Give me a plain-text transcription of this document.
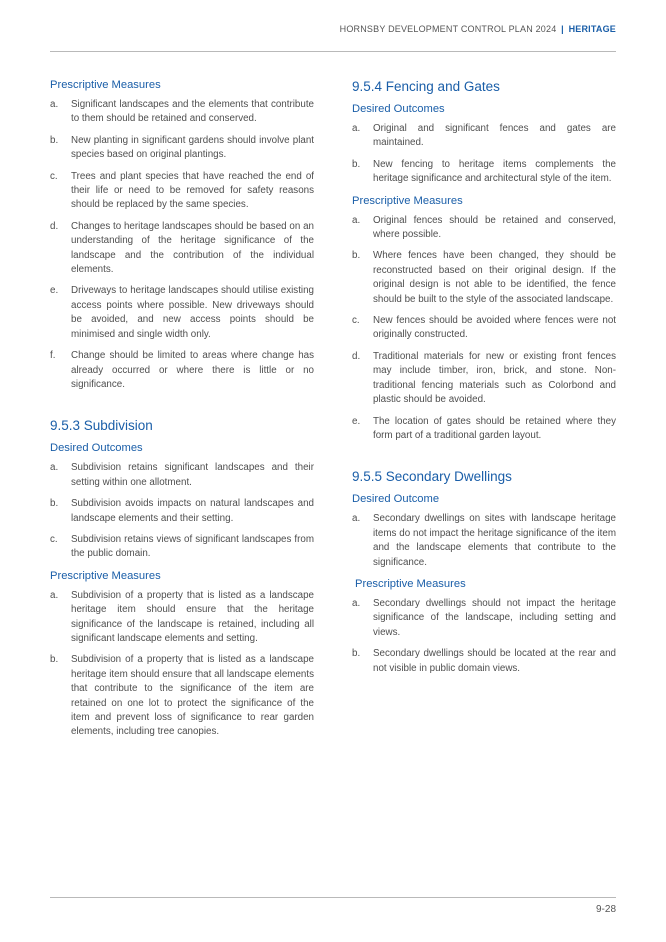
HORNSBY DEVELOPMENT CONTROL PLAN 2024 | HERITAGE
Prescriptive Measures
a. Significant landscapes and the elements that contribute to them should be retained and conserved.
b. New planting in significant gardens should involve plant species based on original plantings.
c. Trees and plant species that have reached the end of their life or need to be removed for safety reasons should be replaced by the same species.
d. Changes to heritage landscapes should be based on an understanding of the heritage significance of the landscape and the contribution of the individual elements.
e. Driveways to heritage landscapes should utilise existing access points where possible. New driveways should be avoided, and new access points should be minimised and single width only.
f. Change should be limited to areas where change has already occurred or where there is little or no significance.
9.5.3 Subdivision
Desired Outcomes
a. Subdivision retains significant landscapes and their setting within one allotment.
b. Subdivision avoids impacts on natural landscapes and landscape elements and their setting.
c. Subdivision retains views of significant landscapes from the public domain.
Prescriptive Measures
a. Subdivision of a property that is listed as a landscape heritage item should ensure that the heritage significance of the landscape is retained, including all significant landscape elements and setting.
b. Subdivision of a property that is listed as a landscape heritage item should ensure that all landscape elements that contribute to the significance of the item are retained on one lot to protect the significance of the item and prevent loss of significance to rear garden elements, including tree canopies.
9.5.4 Fencing and Gates
Desired Outcomes
a. Original and significant fences and gates are maintained.
b. New fencing to heritage items complements the heritage significance and architectural style of the item.
Prescriptive Measures
a. Original fences should be retained and conserved, where possible.
b. Where fences have been changed, they should be reconstructed based on their original design. If the original design is not able to be identified, the fence should be built to the style of the associated landscape.
c. New fences should be avoided where fences were not originally constructed.
d. Traditional materials for new or existing front fences may include timber, iron, brick, and stone. Non-traditional fencing materials such as Colorbond and plastic should be avoided.
e. The location of gates should be retained where they form part of a traditional garden layout.
9.5.5 Secondary Dwellings
Desired Outcome
a. Secondary dwellings on sites with landscape heritage items do not impact the heritage significance of the item and the landscape elements that contribute to the significance.
Prescriptive Measures
a. Secondary dwellings should not impact the heritage significance of the landscape, including setting and views.
b. Secondary dwellings should be located at the rear and not visible in public domain views.
9-28
